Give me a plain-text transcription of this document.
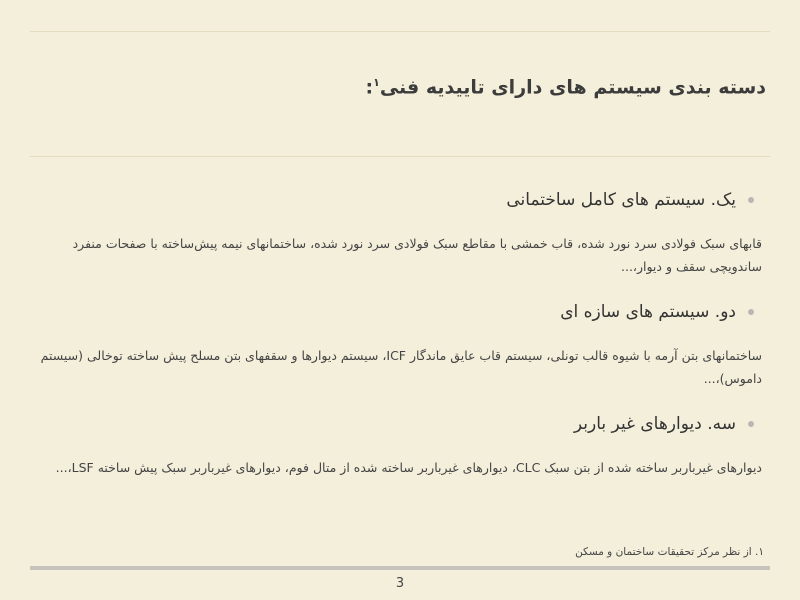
دسته بندی سیستم های دارای تاییدیه فنی$^۱$:
یک. سیستم های کامل ساختمانی

قابهای سبک فولادی سرد نورد شده، قاب خمشی با مقاطع سبک فولادی سرد نورد شده، ساختمانهای نیمه پیش‌ساخته با صفحات منفرد ساندویچی سقف و دیوار،...

دو. سیستم های سازه ای

ساختمانهای بتن آرمه با شیوه قالب تونلی، سیستم قاب عایق ماندگار ICF، سیستم دیوارها و سقفهای بتن مسلح پیش ساخته توخالی (سیستم داموس)،...

سه. دیوارهای غیر باربر

دیوارهای غیرباربر ساخته شده از بتن سبک CLC، دیوارهای غیرباربر ساخته شده از متال فوم، دیوارهای غیرباربر سبک پیش ساخته LSF،...

۱. از نظر مرکز تحقیقات ساختمان و مسکن
3
